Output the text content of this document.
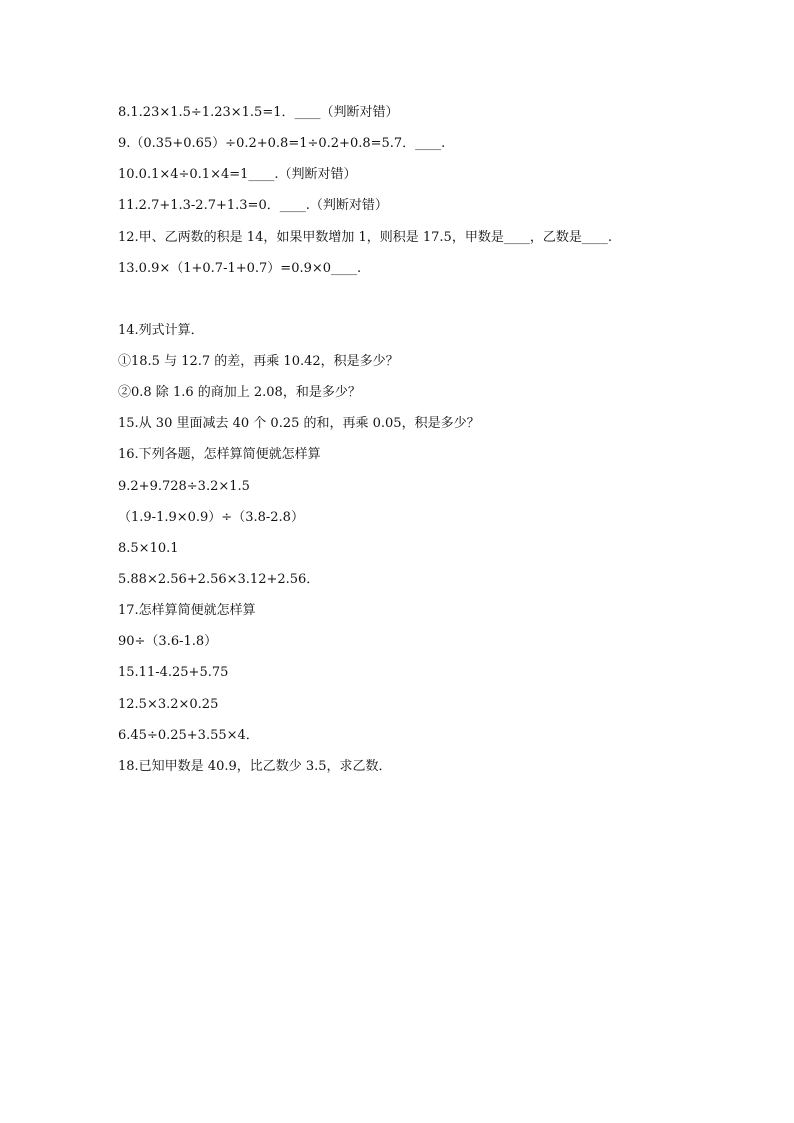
8.1.23×1.5÷1.23×1.5=1．____（判断对错）
9.（0.35+0.65）÷0.2+0.8=1÷0.2+0.8=5.7．____.
10.0.1×4÷0.1×4=1____.（判断对错）
11.2.7+1.3-2.7+1.3=0．____.（判断对错）
12.甲、乙两数的积是 14，如果甲数增加 1，则积是 17.5，甲数是____，乙数是____.
13.0.9×（1+0.7-1+0.7）=0.9×0____.
14.列式计算．
①18.5 与 12.7 的差，再乘 10.42，积是多少？
②0.8 除 1.6 的商加上 2.08，和是多少？
15.从 30 里面减去 40 个 0.25 的和，再乘 0.05，积是多少？
16.下列各题，怎样算简便就怎样算
9.2+9.728÷3.2×1.5
（1.9-1.9×0.9）÷（3.8-2.8）
8.5×10.1
5.88×2.56+2.56×3.12+2.56．
17.怎样算简便就怎样算
90÷（3.6-1.8）
15.11-4.25+5.75
12.5×3.2×0.25
6.45÷0.25+3.55×4．
18.已知甲数是 40.9，比乙数少 3.5，求乙数．
